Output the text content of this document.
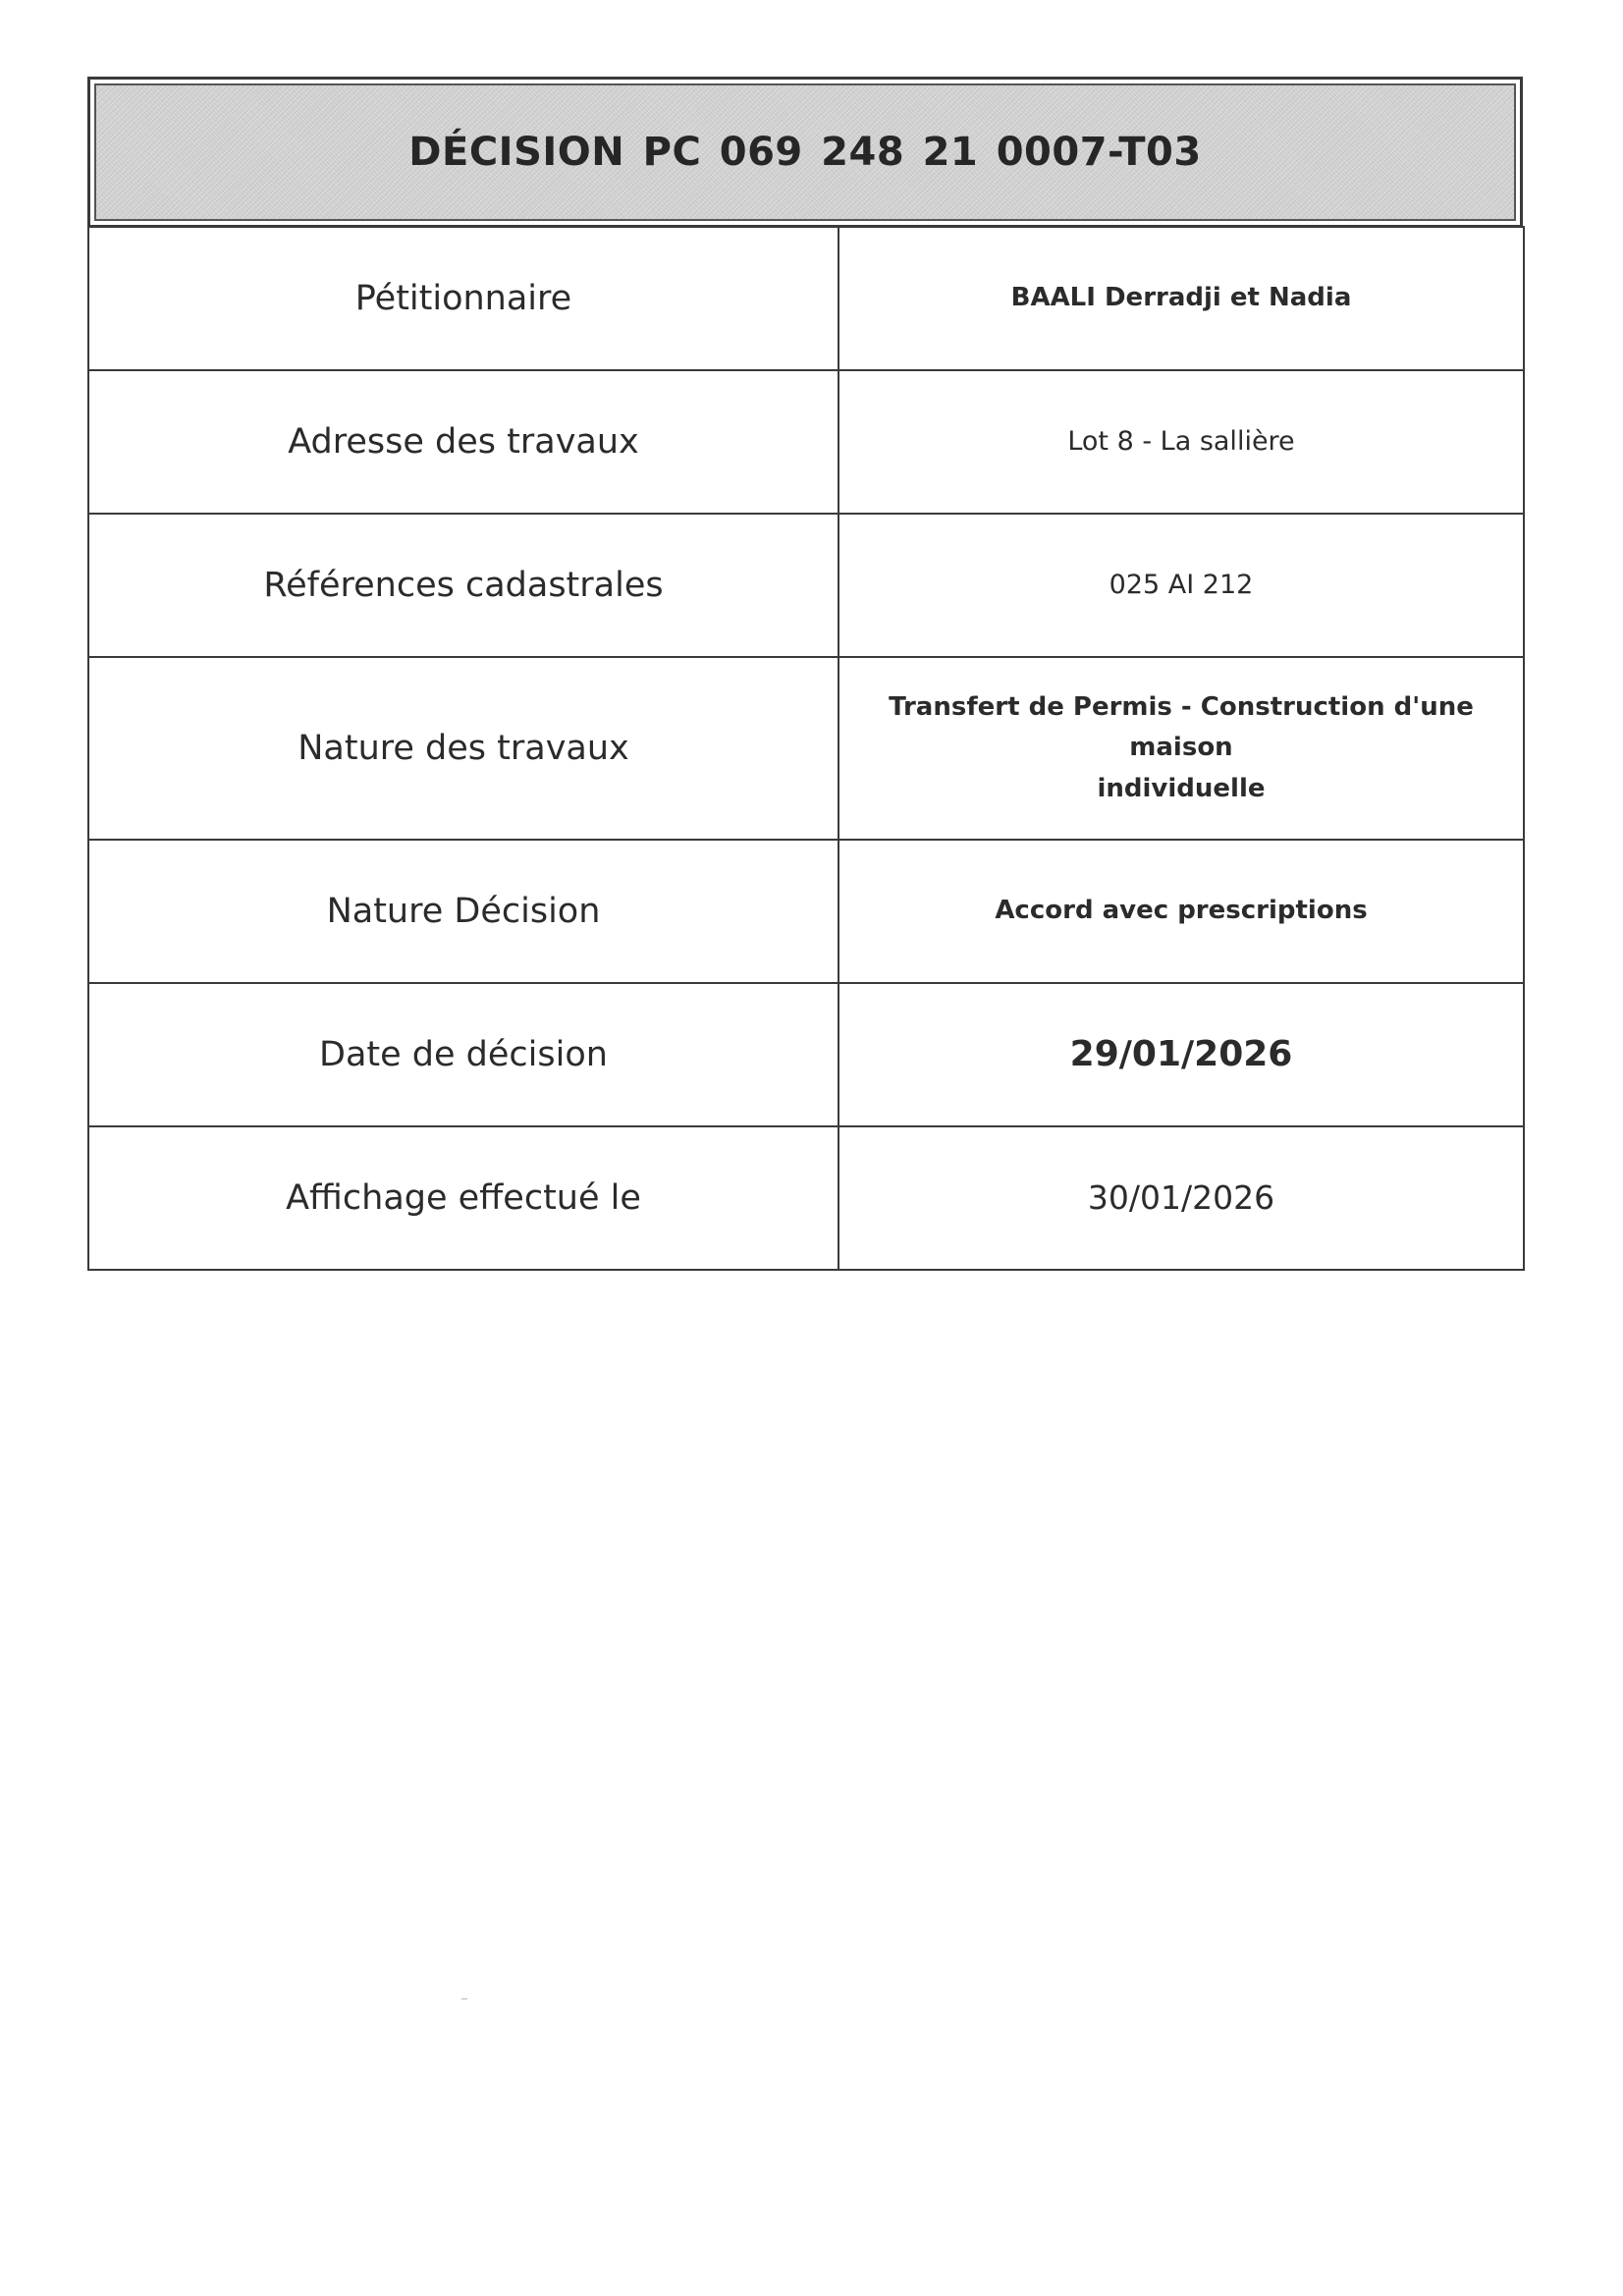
DÉCISION PC 069 248 21 0007-T03
Pétitionnaire	BAALI Derradji et Nadia
Adresse des travaux	Lot 8 - La sallière
Références cadastrales	025 AI 212
Nature des travaux	Transfert de Permis - Construction d'une maison
individuelle
Nature Décision	Accord avec prescriptions
Date de décision	29/01/2026
Affichage effectué le	30/01/2026
